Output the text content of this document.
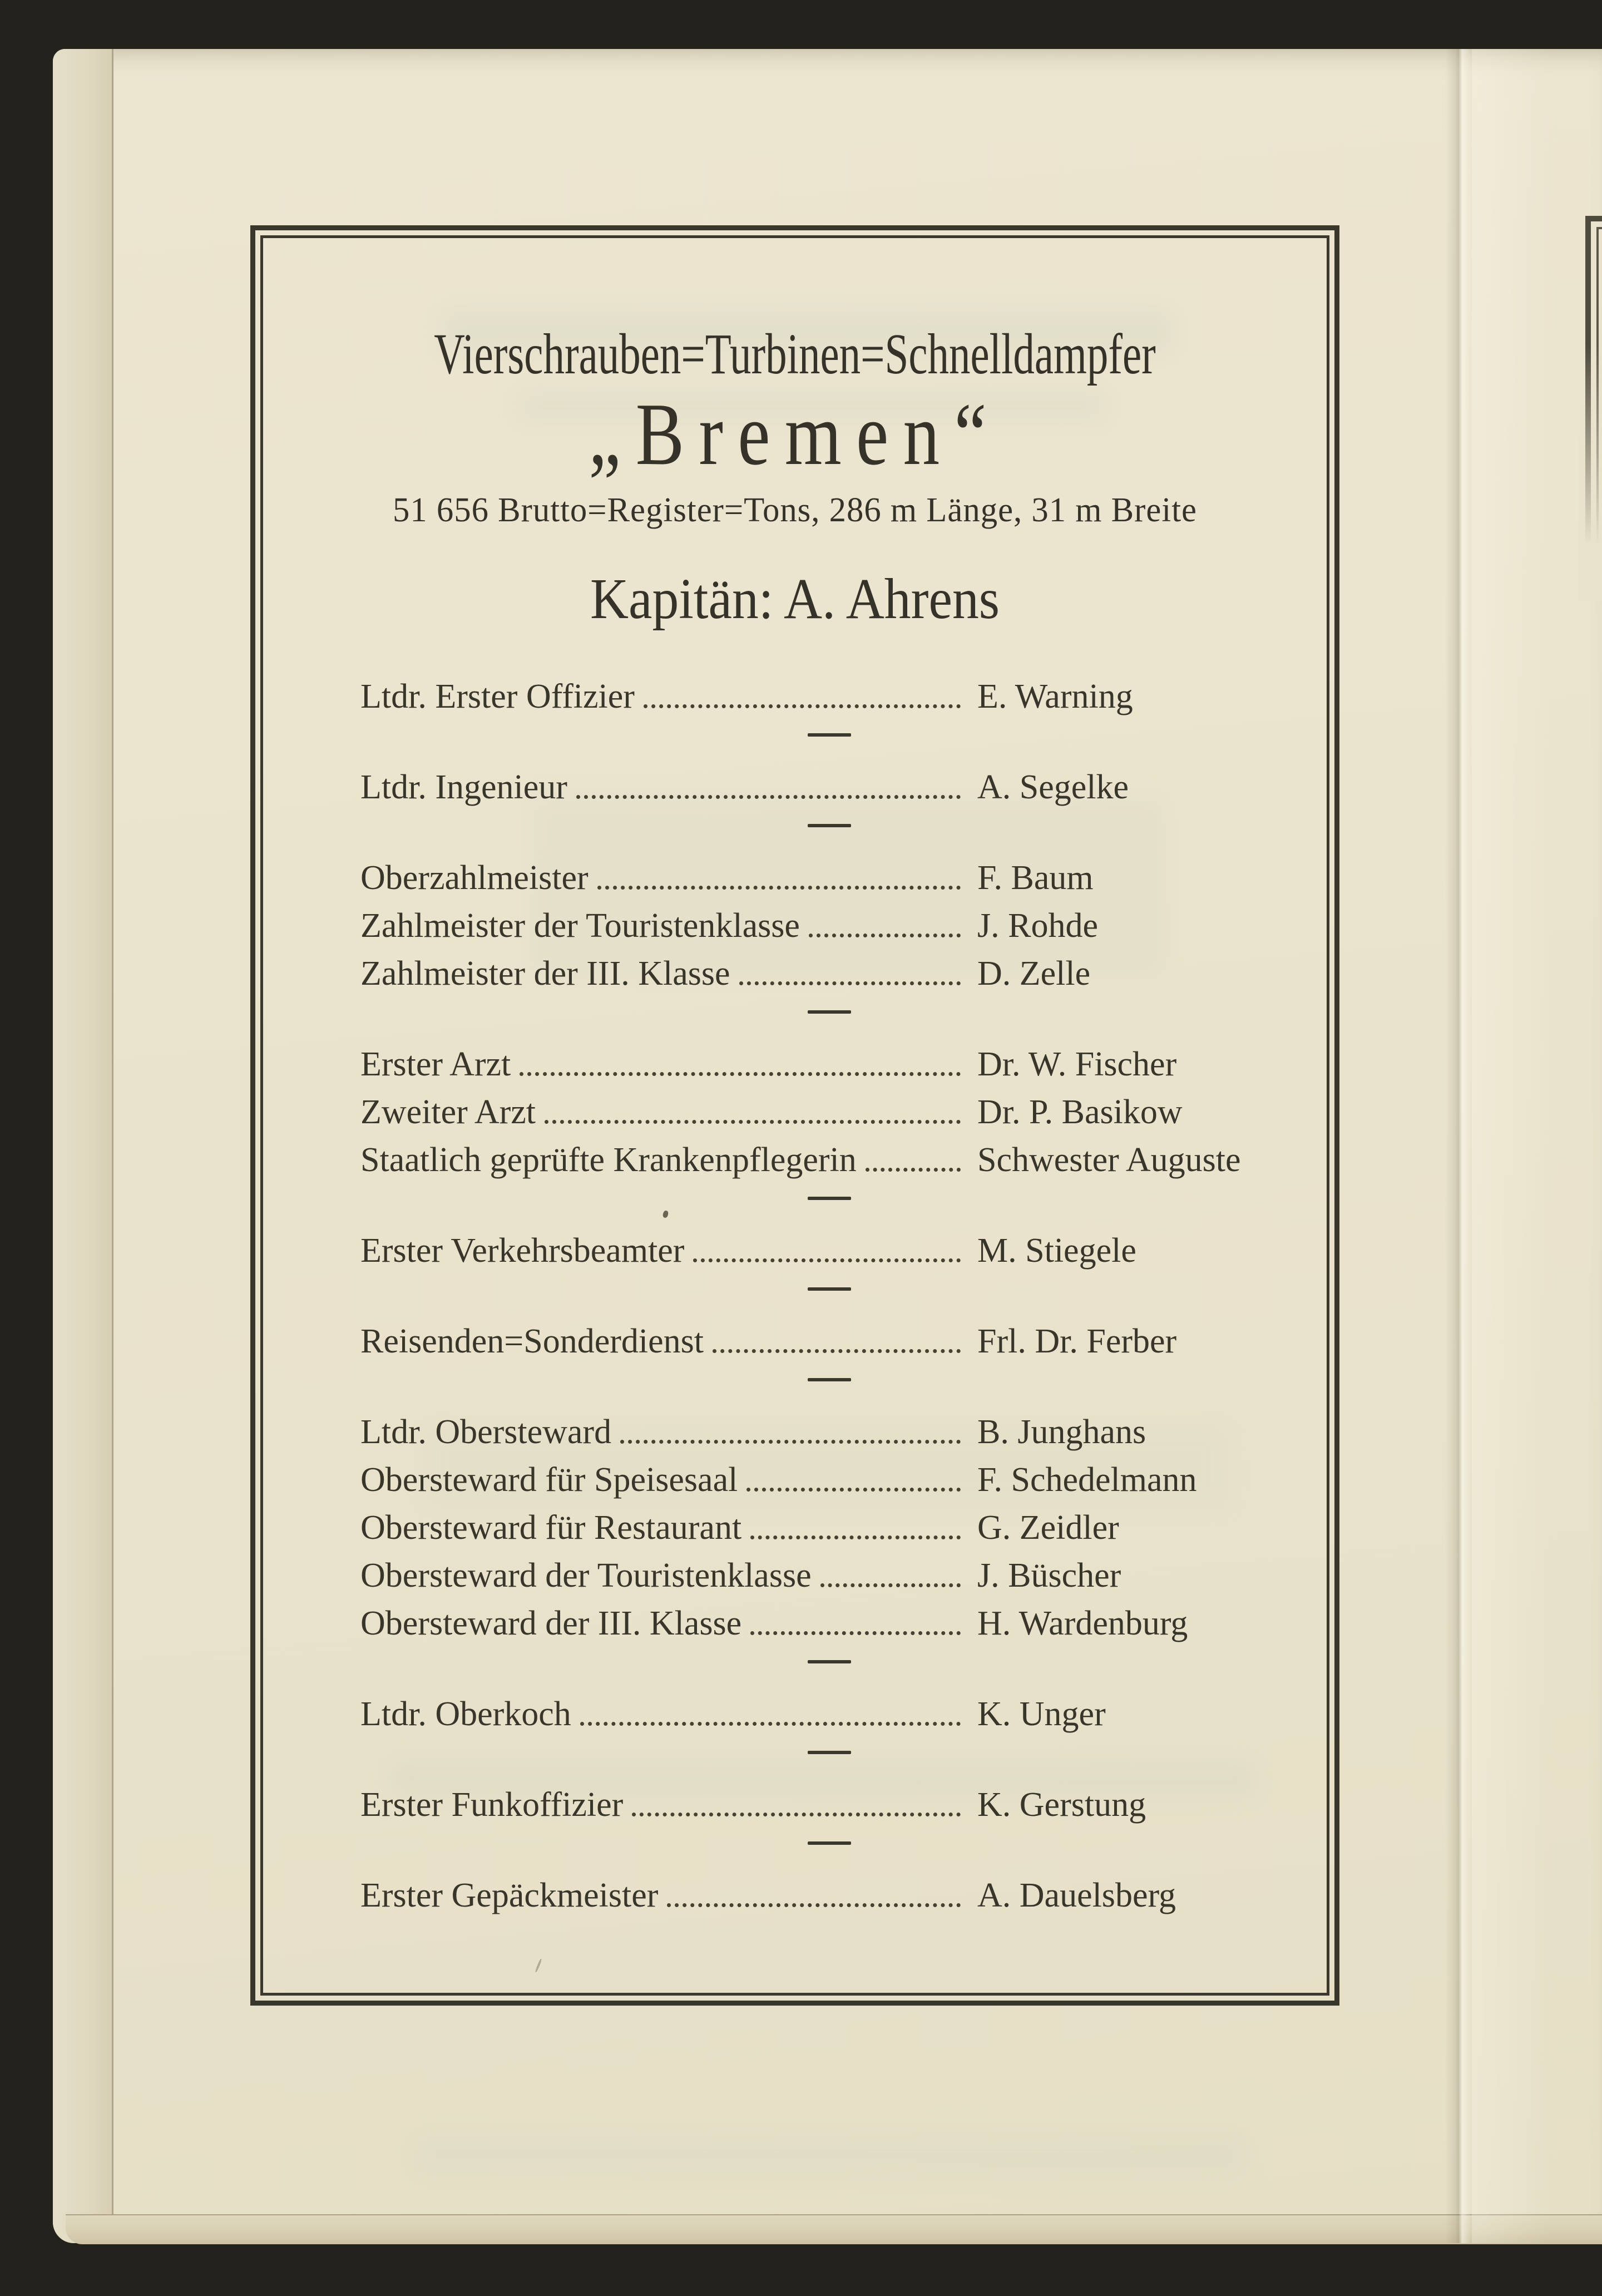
Vierschrauben=Turbinen=Schnelldampfer
„Bremen“
51 656 Brutto=Register=Tons, 286 m Länge, 31 m Breite
Kapitän: A. Ahrens
Ltdr. Erster Offizier	E. Warning
Ltdr. Ingenieur	A. Segelke
Oberzahlmeister	F. Baum
Zahlmeister der Touristenklasse	J. Rohde
Zahlmeister der III. Klasse	D. Zelle
Erster Arzt	Dr. W. Fischer
Zweiter Arzt	Dr. P. Basikow
Staatlich geprüfte Krankenpflegerin	Schwester Auguste
Erster Verkehrsbeamter	M. Stiegele
Reisenden=Sonderdienst	Frl. Dr. Ferber
Ltdr. Obersteward	B. Junghans
Obersteward für Speisesaal	F. Schedelmann
Obersteward für Restaurant	G. Zeidler
Obersteward der Touristenklasse	J. Büscher
Obersteward der III. Klasse	H. Wardenburg
Ltdr. Oberkoch	K. Unger
Erster Funkoffizier	K. Gerstung
Erster Gepäckmeister	A. Dauelsberg
